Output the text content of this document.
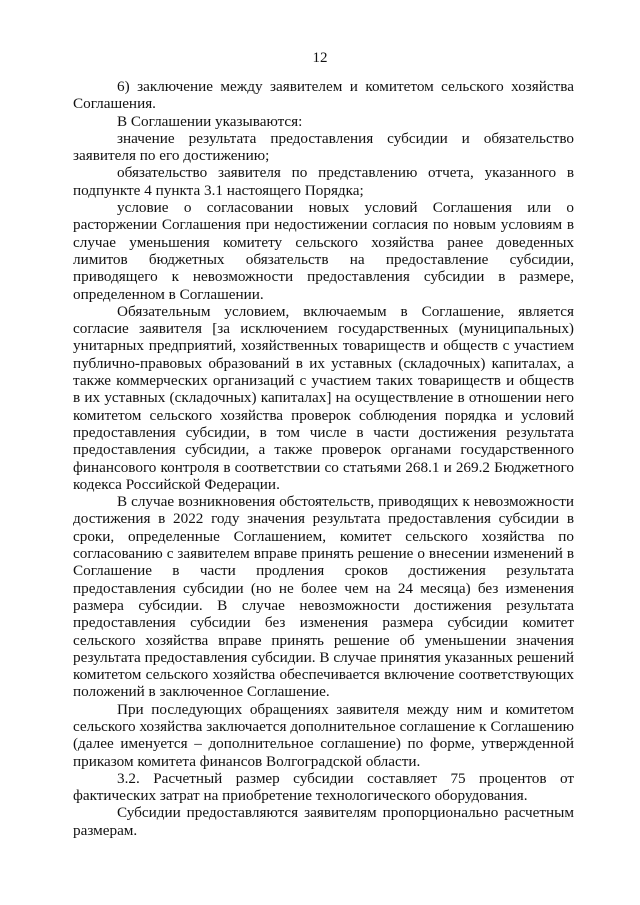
12

6) заключение между заявителем и комитетом сельского хозяйства Соглашения.

В Соглашении указываются:

значение результата предоставления субсидии и обязательство заявителя по его достижению;

обязательство заявителя по представлению отчета, указанного в подпункте 4 пункта 3.1 настоящего Порядка;

условие о согласовании новых условий Соглашения или о расторжении Соглашения при недостижении согласия по новым условиям в случае уменьшения комитету сельского хозяйства ранее доведенных лимитов бюджетных обязательств на предоставление субсидии, приводящего к невозможности предоставления субсидии в размере, определенном в Соглашении.

Обязательным условием, включаемым в Соглашение, является согласие заявителя [за исключением государственных (муниципальных) унитарных предприятий, хозяйственных товариществ и обществ с участием публично-правовых образований в их уставных (складочных) капиталах, а также коммерческих организаций с участием таких товариществ и обществ в их уставных (складочных) капиталах] на осуществление в отношении него комитетом сельского хозяйства проверок соблюдения порядка и условий предоставления субсидии, в том числе в части достижения результата предоставления субсидии, а также проверок органами государственного финансового контроля в соответствии со статьями 268.1 и 269.2 Бюджетного кодекса Российской Федерации.

В случае возникновения обстоятельств, приводящих к невозможности достижения в 2022 году значения результата предоставления субсидии в сроки, определенные Соглашением, комитет сельского хозяйства по согласованию с заявителем вправе принять решение о внесении изменений в Соглашение в части продления сроков достижения результата предоставления субсидии (но не более чем на 24 месяца) без изменения размера субсидии. В случае невозможности достижения результата предоставления субсидии без изменения размера субсидии комитет сельского хозяйства вправе принять решение об уменьшении значения результата предоставления субсидии. В случае принятия указанных решений комитетом сельского хозяйства обеспечивается включение соответствующих положений в заключенное Соглашение.

При последующих обращениях заявителя между ним и комитетом сельского хозяйства заключается дополнительное соглашение к Соглашению (далее именуется – дополнительное соглашение) по форме, утвержденной приказом комитета финансов Волгоградской области.

3.2. Расчетный размер субсидии составляет 75 процентов от фактических затрат на приобретение технологического оборудования.

Субсидии предоставляются заявителям пропорционально расчетным размерам.
